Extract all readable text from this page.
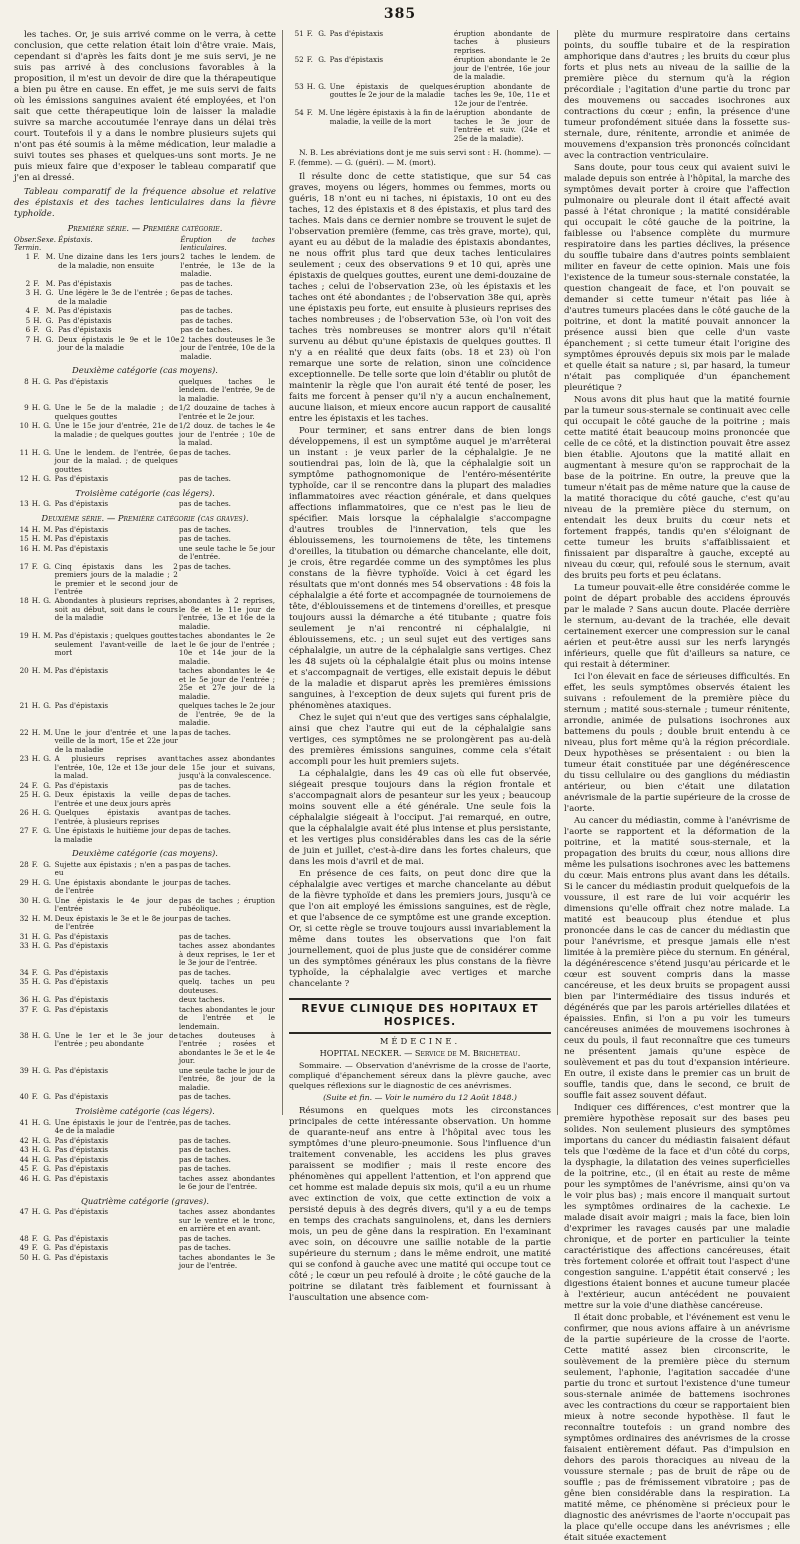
385

les taches. Or, je suis arrivé comme on le verra, à cette conclusion, que cette relation était loin d'être vraie. Mais, cependant si d'après les faits dont je me suis servi, je ne suis pas arrivé à des conclusions favorables à la proposition, il m'est un devoir de dire que la thérapeutique a bien pu être en cause. En effet, je me suis servi de faits où les émissions sanguines avaient été employées, et l'on sait que cette thérapeutique loin de laisser la maladie suivre sa marche accoutumée l'enraye dans un délai très court. Toutefois il y a dans le nombre plusieurs sujets qui n'ont pas été soumis à la même médication, leur maladie a suivi toutes ses phases et quelques-uns sont morts. Je ne puis mieux faire que d'exposer le tableau comparatif que j'en ai dressé.

Tableau comparatif de la fréquence absolue et relative des épistaxis et des taches lenticulaires dans la fièvre typhoïde.

Première série. — Première catégorie.
Obser.Sexe. Termin.			Épistaxis.	Éruption de taches lenticulaires.
1	F.	M.	Une dizaine dans les 1ers jours de la maladie, non ensuite	2 taches le lendem. de l'entrée, le 13e de la maladie.
2	F.	M.	Pas d'épistaxis	pas de taches.
3	H.	G.	Une légère le 3e de l'entrée ; 6e de la maladie	pas de taches.
4	F.	M.	Pas d'épistaxis	pas de taches.
5	H.	G.	Pas d'épistaxis	pas de taches.
6	F.	G.	Pas d'épistaxis	pas de taches.
7	H.	G.	Deux épistaxis le 9e et le 10e jour de la maladie	2 taches douteuses le 3e jour de l'entrée, 10e de la maladie.
Deuxième catégorie (cas moyens).
8	H.	G.	Pas d'épistaxis	quelques taches le lendem. de l'entrée, 9e de la maladie.
9	H.	G.	Une le 5e de la maladie ; de quelques gouttes	1/2 douzaine de taches à l'entrée et le 2e jour.
10	H.	G.	Une le 15e jour d'entrée, 21e de la maladie ; de quelques gouttes	1/2 douz. de taches le 4e jour de l'entrée ; 10e de la malad.
11	H.	G.	Une le lendem. de l'entrée, 6e jour de la malad. ; de quelques gouttes	pas de taches.
12	H.	G.	Pas d'épistaxis	pas de taches.
Troisième catégorie (cas légers).
13	H.	G.	Pas d'épistaxis	pas de taches.
Deuxième série. — Première catégorie (cas graves).
14	H.	M.	Pas d'épistaxis	pas de taches.
15	H.	M.	Pas d'épistaxis	pas de taches.
16	H.	M.	Pas d'épistaxis	une seule tache le 5e jour de l'entrée.
17	F.	G.	Cinq épistaxis dans les 2 premiers jours de la maladie ; 2 le premier et le second jour de l'entrée	pas de taches.
18	H.	G.	Abondantes à plusieurs reprises, soit au début, soit dans le cours de la maladie	abondantes à 2 reprises, le 8e et le 11e jour de l'entrée, 13e et 16e de la maladie.
19	H.	M.	Pas d'épistaxis ; quelques gouttes seulement l'avant-veille de la mort	taches abondantes le 2e et le 6e jour de l'entrée ; 10e et 14e jour de la maladie.
20	H.	M.	Pas d'épistaxis	taches abondantes le 4e et le 5e jour de l'entrée ; 25e et 27e jour de la maladie.
21	H.	G.	Pas d'épistaxis	quelques taches le 2e jour de l'entrée, 9e de la maladie.
22	H.	M.	Une le jour d'entrée et une la veille de la mort, 15e et 22e jour de la maladie	pas de taches.
23	H.	G.	A plusieurs reprises avant l'entrée, 10e, 12e et 13e jour de la malad.	taches assez abondantes le 15e jour et suivans, jusqu'à la convalescence.
24	F.	G.	Pas d'épistaxis	pas de taches.
25	H.	G.	Deux épistaxis la veille de l'entrée et une deux jours après	pas de taches.
26	H.	G.	Quelques épistaxis avant l'entrée, à plusieurs reprises	pas de taches.
27	F.	G.	Une épistaxis le huitième jour de la maladie	pas de taches.
Deuxième catégorie (cas moyens).
28	F.	G.	Sujette aux épistaxis ; n'en a pas eu	pas de taches.
29	H.	G.	Une épistaxis abondante le jour de l'entrée	pas de taches.
30	H.	G.	Une épistaxis le 4e jour de l'entrée	pas de taches ; éruption rubéolique.
32	H.	M.	Deux épistaxis le 3e et le 8e jour de l'entrée	pas de taches.
31	H.	G.	Pas d'épistaxis	pas de taches.
33	H.	G.	Pas d'épistaxis	taches assez abondantes à deux reprises, le 1er et le 3e jour de l'entrée.
34	F.	G.	Pas d'épistaxis	pas de taches.
35	H.	G.	Pas d'épistaxis	quelq. taches un peu douteuses.
36	H.	G.	Pas d'épistaxis	deux taches.
37	F.	G.	Pas d'épistaxis	taches abondantes le jour de l'entrée et le lendemain.
38	H.	G.	Une le 1er et le 3e jour de l'entrée ; peu abondante	taches douteuses à l'entrée ; rosées et abondantes le 3e et le 4e jour.
39	H.	G.	Pas d'épistaxis	une seule tache le jour de l'entrée, 8e jour de la maladie.
40	F.	G.	Pas d'épistaxis	pas de taches.
Troisième catégorie (cas légers).
41	H.	G.	Une épistaxis le jour de l'entrée, 4e de la maladie	pas de taches.
42	H.	G.	Pas d'épistaxis	pas de taches.
43	H.	G.	Pas d'épistaxis	pas de taches.
44	H.	G.	Pas d'épistaxis	pas de taches.
45	F.	G.	Pas d'épistaxis	pas de taches.
46	H.	G.	Pas d'épistaxis	taches assez abondantes le 6e jour de l'entrée.
Quatrième catégorie (graves).
47	H.	G.	Pas d'épistaxis	taches assez abondantes sur le ventre et le tronc, en arrière et en avant.
48	F.	G.	Pas d'épistaxis	pas de taches.
49	F.	G.	Pas d'épistaxis	pas de taches.
50	H.	G.	Pas d'épistaxis	taches abondantes le 3e jour de l'entrée.
51	F.	G.	Pas d'épistaxis	éruption abondante de taches à plusieurs reprises.
52	F.	G.	Pas d'épistaxis	éruption abondante le 2e jour de l'entrée, 16e jour de la maladie.
53	H.	G.	Une épistaxis de quelques gouttes le 2e jour de la maladie	éruption abondante de taches les 9e, 10e, 11e et 12e jour de l'entrée.
54	F.	M.	Une légère épistaxis à la fin de la maladie, la veille de la mort	éruption abondante de taches le 3e jour de l'entrée et suiv. (24e et 25e de la maladie).

N. B. Les abréviations dont je me suis servi sont : H. (homme). — F. (femme). — G. (guéri). — M. (mort).

Il résulte donc de cette statistique, que sur 54 cas graves, moyens ou légers, hommes ou femmes, morts ou guéris, 18 n'ont eu ni taches, ni épistaxis, 10 ont eu des taches, 12 des épistaxis et 8 des épistaxis, et plus tard des taches. Mais dans ce dernier nombre se trouvent le sujet de l'observation première (femme, cas très grave, morte), qui, ayant eu au début de la maladie des épistaxis abondantes, ne nous offrit plus tard que deux taches lenticulaires seulement ; ceux des observations 9 et 10 qui, après une épistaxis de quelques gouttes, eurent une demi-douzaine de taches ; celui de l'observation 23e, où les épistaxis et les taches ont été abondantes ; de l'observation 38e qui, après une épistaxis peu forte, eut ensuite à plusieurs reprises des taches nombreuses ; de l'observation 53e, où l'on voit des taches très nombreuses se montrer alors qu'il n'était survenu au début qu'une épistaxis de quelques gouttes. Il n'y a en réalité que deux faits (obs. 18 et 23) où l'on remarque une sorte de relation, sinon une coïncidence exceptionnelle. De telle sorte que loin d'établir ou plutôt de maintenir la règle que l'on aurait été tenté de poser, les faits me forcent à penser qu'il n'y a aucun enchaînement, aucune liaison, et mieux encore aucun rapport de causalité entre les épistaxis et les taches.

Pour terminer, et sans entrer dans de bien longs développemens, il est un symptôme auquel je m'arrêterai un instant : je veux parler de la céphalalgie. Je ne soutiendrai pas, loin de là, que la céphalalgie soit un symptôme pathognomonique de l'entéro-mésentérite typhoïde, car il se rencontre dans la plupart des maladies inflammatoires avec réaction générale, et dans quelques affections inflammatoires, que ce n'est pas le lieu de spécifier. Mais lorsque la céphalalgie s'accompagne d'autres troubles de l'innervation, tels que les éblouissemens, les tournoiemens de tête, les tintemens d'oreilles, la titubation ou démarche chancelante, elle doit, je crois, être regardée comme un des symptômes les plus constans de la fièvre typhoïde. Voici à cet égard les résultats que m'ont donnés mes 54 observations : 48 fois la céphalalgie a été forte et accompagnée de tournoiemens de tête, d'éblouissemens et de tintemens d'oreilles, et presque toujours aussi la démarche a été titubante ; quatre fois seulement je n'ai rencontré ni céphalalgie, ni éblouissemens, etc. ; un seul sujet eut des vertiges sans céphalalgie, un autre de la céphalalgie sans vertiges. Chez les 48 sujets où la céphalalgie était plus ou moins intense et s'accompagnait de vertiges, elle existait depuis le début de la maladie et disparut après les premières émissions sanguines, à l'exception de deux sujets qui furent pris de phénomènes ataxiques.

Chez le sujet qui n'eut que des vertiges sans céphalalgie, ainsi que chez l'autre qui eut de la céphalalgie sans vertiges, ces symptômes ne se prolongèrent pas au-delà des premières émissions sanguines, comme cela s'était accompli pour les huit premiers sujets.

La céphalalgie, dans les 49 cas où elle fut observée, siégeait presque toujours dans la région frontale et s'accompagnait alors de pesanteur sur les yeux ; beaucoup moins souvent elle a été générale. Une seule fois la céphalalgie siégeait à l'occiput. J'ai remarqué, en outre, que la céphalalgie avait été plus intense et plus persistante, et les vertiges plus considérables dans les cas de la série de juin et juillet, c'est-à-dire dans les fortes chaleurs, que dans les mois d'avril et de mai.

En présence de ces faits, on peut donc dire que la céphalalgie avec vertiges et marche chancelante au début de la fièvre typhoïde et dans les premiers jours, jusqu'à ce que l'on ait employé les émissions sanguines, est de règle, et que l'absence de ce symptôme est une grande exception. Or, si cette règle se trouve toujours aussi invariablement la même dans toutes les observations que l'on fait journellement, quoi de plus juste que de considérer comme un des symptômes généraux les plus constans de la fièvre typhoïde, la céphalalgie avec vertiges et marche chancelante ?

REVUE CLINIQUE DES HOPITAUX ET HOSPICES.
MÉDECINE.
HOPITAL NECKER. — Service de M. Bricheteau.

Sommaire. — Observation d'anévrisme de la crosse de l'aorte, compliqué d'épanchement séreux dans la plèvre gauche, avec quelques réflexions sur le diagnostic de ces anévrismes.

(Suite et fin. — Voir le numéro du 12 Août 1848.)

Résumons en quelques mots les circonstances principales de cette intéressante observation. Un homme de quarante-neuf ans entre à l'hôpital avec tous les symptômes d'une pleuro-pneumonie. Sous l'influence d'un traitement convenable, les accidens les plus graves paraissent se modifier ; mais il reste encore des phénomènes qui appellent l'attention, et l'on apprend que cet homme est malade depuis six mois, qu'il a eu un rhume avec extinction de voix, que cette extinction de voix a persisté depuis à des degrés divers, qu'il y a eu de temps en temps des crachats sanguinolens, et, dans les derniers mois, un peu de gêne dans la respiration. En l'examinant avec soin, on découvre une saillie notable de la partie supérieure du sternum ; dans le même endroit, une matité qui se confond à gauche avec une matité qui occupe tout ce côté ; le cœur un peu refoulé à droite ; le côté gauche de la poitrine se dilatant très faiblement et fournissant à l'auscultation une absence com-

plète du murmure respiratoire dans certains points, du souffle tubaire et de la respiration amphorique dans d'autres ; les bruits du cœur plus forts et plus nets au niveau de la saillie de la première pièce du sternum qu'à la région précordiale ; l'agitation d'une partie du tronc par des mouvemens ou saccades isochrones aux contractions du cœur ; enfin, la présence d'une tumeur profondément située dans la fossette sus-sternale, dure, rénitente, arrondie et animée de mouvemens d'expansion très prononcés coïncidant avec la contraction ventriculaire.

Sans doute, pour tous ceux qui avaient suivi le malade depuis son entrée à l'hôpital, la marche des symptômes devait porter à croire que l'affection pulmonaire ou pleurale dont il était affecté avait passé à l'état chronique ; la matité considérable qui occupait le côté gauche de la poitrine, la faiblesse ou l'absence complète du murmure respiratoire dans les parties déclives, la présence du souffle tubaire dans d'autres points semblaient militer en faveur de cette opinion. Mais une fois l'existence de la tumeur sous-sternale constatée, la question changeait de face, et l'on pouvait se demander si cette tumeur n'était pas liée à d'autres tumeurs placées dans le côté gauche de la poitrine, et dont la matité pouvait annoncer la présence aussi bien que celle d'un vaste épanchement ; si cette tumeur était l'origine des symptômes éprouvés depuis six mois par le malade et quelle était sa nature ; si, par hasard, la tumeur n'était pas compliquée d'un épanchement pleurétique ?

Nous avons dit plus haut que la matité fournie par la tumeur sous-sternale se continuait avec celle qui occupait le côté gauche de la poitrine ; mais cette matité était beaucoup moins prononcée que celle de ce côté, et la distinction pouvait être assez bien établie. Ajoutons que la matité allait en augmentant à mesure qu'on se rapprochait de la base de la poitrine. En outre, la preuve que la tumeur n'était pas de même nature que la cause de la matité thoracique du côté gauche, c'est qu'au niveau de la première pièce du sternum, on entendait les deux bruits du cœur nets et fortement frappés, tandis qu'en s'éloignant de cette tumeur les bruits s'affaiblissaient et finissaient par disparaître à gauche, excepté au niveau du cœur, qui, refoulé sous le sternum, avait des bruits peu forts et peu éclatans.

La tumeur pouvait-elle être considérée comme le point de départ probable des accidens éprouvés par le malade ? Sans aucun doute. Placée derrière le sternum, au-devant de la trachée, elle devait certainement exercer une compression sur le canal aérien et peut-être aussi sur les nerfs laryngés inférieurs, quelle que fût d'ailleurs sa nature, ce qui restait à déterminer.

Ici l'on élevait en face de sérieuses difficultés. En effet, les seuls symptômes observés étaient les suivans : refoulement de la première pièce du sternum ; matité sous-sternale ; tumeur rénitente, arrondie, animée de pulsations isochrones aux battemens du pouls ; double bruit entendu à ce niveau, plus fort même qu'à la région précordiale. Deux hypothèses se présentaient : ou bien la tumeur était constituée par une dégénérescence du tissu cellulaire ou des ganglions du médiastin antérieur, ou bien c'était une dilatation anévrismale de la partie supérieure de la crosse de l'aorte.

Au cancer du médiastin, comme à l'anévrisme de l'aorte se rapportent et la déformation de la poitrine, et la matité sous-sternale, et la propagation des bruits du cœur, nous allions dire même les pulsations isochrones avec les battemens du cœur. Mais entrons plus avant dans les détails. Si le cancer du médiastin produit quelquefois de la voussure, il est rare de lui voir acquérir les dimensions qu'elle offrait chez notre malade. La matité est beaucoup plus étendue et plus prononcée dans le cas de cancer du médiastin que pour l'anévrisme, et presque jamais elle n'est limitée à la première pièce du sternum. En général, la dégénérescence s'étend jusqu'au péricarde et le cœur est souvent compris dans la masse cancéreuse, et les deux bruits se propagent aussi bien par l'intermédiaire des tissus indurés et dégénérés que par les parois artérielles dilatées et épaissies. Enfin, si l'on a pu voir les tumeurs cancéreuses animées de mouvemens isochrones à ceux du pouls, il faut reconnaître que ces tumeurs ne présentent jamais qu'une espèce de soulèvement et pas du tout d'expansion intérieure. En outre, il existe dans le premier cas un bruit de souffle, tandis que, dans le second, ce bruit de souffle fait assez souvent défaut.

Indiquer ces différences, c'est montrer que la première hypothèse reposait sur des bases peu solides. Non seulement plusieurs des symptômes importans du cancer du médiastin faisaient défaut tels que l'œdème de la face et d'un côté du corps, la dysphagie, la dilatation des veines superficielles de la poitrine, etc., (il en était au reste de même pour les symptômes de l'anévrisme, ainsi qu'on va le voir plus bas) ; mais encore il manquait surtout les symptômes ordinaires de la cachexie. Le malade disait avoir maigri ; mais la face, bien loin d'exprimer les ravages causés par une maladie chronique, et de porter en particulier la teinte caractéristique des affections cancéreuses, était très fortement colorée et offrait tout l'aspect d'une congestion sanguine. L'appétit était conservé ; les digestions étaient bonnes et aucune tumeur placée à l'extérieur, aucun antécédent ne pouvaient mettre sur la voie d'une diathèse cancéreuse.

Il était donc probable, et l'événement est venu le confirmer, que nous avions affaire à un anévrisme de la partie supérieure de la crosse de l'aorte. Cette matité assez bien circonscrite, le soulèvement de la première pièce du sternum seulement, l'aphonie, l'agitation saccadée d'une partie du tronc et surtout l'existence d'une tumeur sous-sternale animée de battemens isochrones avec les contractions du cœur se rapportaient bien mieux à notre seconde hypothèse. Il faut le reconnaître toutefois : un grand nombre des symptômes ordinaires des anévrismes de la crosse faisaient entièrement défaut. Pas d'impulsion en dehors des parois thoraciques au niveau de la voussure sternale ; pas de bruit de râpe ou de souffle ; pas de frémissement vibratoire ; pas de gêne bien considérable dans la respiration. La matité même, ce phénomène si précieux pour le diagnostic des anévrismes de l'aorte n'occupait pas la place qu'elle occupe dans les anévrismes ; elle était située exactement
